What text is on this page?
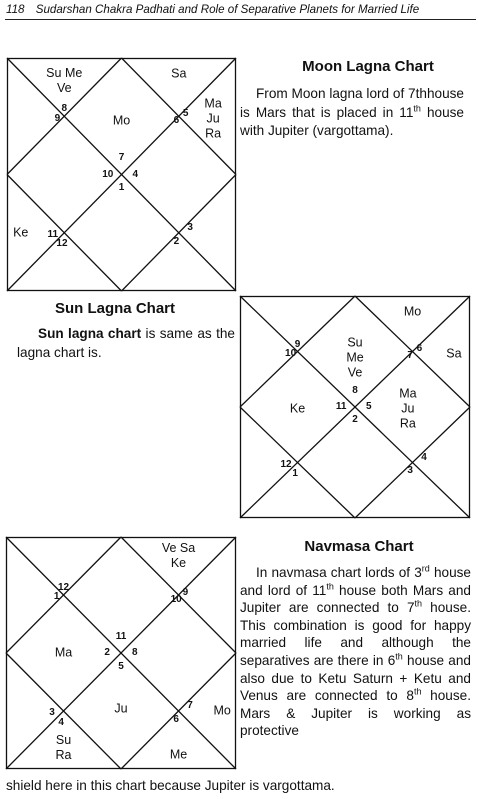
118 Sudarshan Chakra Padhati and Role of Separative Planets for Married Life
Mo
Su Me
Ve
Ke
Sa
Ma
Ju
Ra
7
8
9
10
11
12
1
2
3
4
5
6
Moon Lagna Chart

From Moon lagna lord of 7thhouse is Mars that is placed in 11th house with Jupiter (vargottama).

Sun Lagna Chart

Sun lagna chart is same as the lagna chart is.

Su
Me
Ve
Ke
Ma
Ju
Ra
Sa
Mo
8
9
10
11
12
1
2
3
4
5
6
7
Ve Sa
Ke
Ma
Su
Ra
Ju
Me
Mo
11
12
1
2
3
4
5
6
7
8
9
10
Navmasa Chart

In navmasa chart lords of 3rd house and lord of 11th house both Mars and Jupiter are connected to 7th house. This combination is good for happy married life and although the separatives are there in 6th house and also due to Ketu Saturn + Ketu and Venus are connected to 8th house. Mars & Jupiter is working as protective

shield here in this chart because Jupiter is vargottama.
